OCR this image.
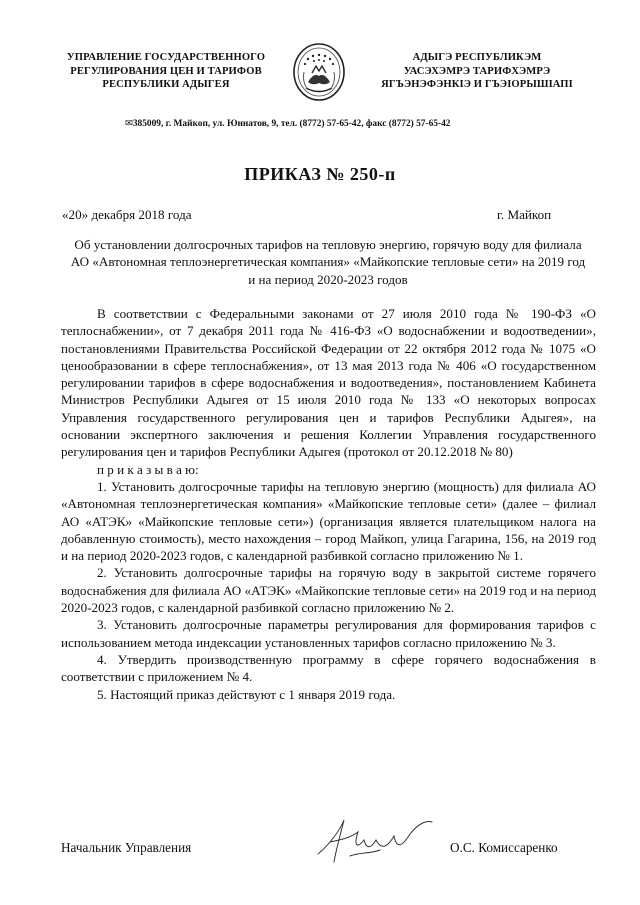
УПРАВЛЕНИЕ ГОСУДАРСТВЕННОГО
РЕГУЛИРОВАНИЯ ЦЕН И ТАРИФОВ
РЕСПУБЛИКИ АДЫГЕЯ
АДЫГЭ РЕСПУБЛИКЭМ
УАСЭХЭМРЭ ТАРИФХЭМРЭ
ЯГЪЭНЭФЭНКIЭ И ГЪЭIОРЫШIАПI
✉385009, г. Майкоп, ул. Юннатов, 9, тел. (8772) 57-65-42, факс (8772) 57-65-42
ПРИКАЗ № 250-п
«20» декабря 2018 года	г. Майкоп
Об установлении долгосрочных тарифов на тепловую энергию, горячую воду для филиала АО «Автономная теплоэнергетическая компания» «Майкопские тепловые сети» на 2019 год и на период 2020-2023 годов

В соответствии с Федеральными законами от 27 июля 2010 года № 190-ФЗ «О теплоснабжении», от 7 декабря 2011 года № 416-ФЗ «О водоснабжении и водоотведении», постановлениями Правительства Российской Федерации от 22 октября 2012 года № 1075 «О ценообразовании в сфере теплоснабжения», от 13 мая 2013 года № 406 «О государственном регулировании тарифов в сфере водоснабжения и водоотведения», постановлением Кабинета Министров Республики Адыгея от 15 июля 2010 года № 133 «О некоторых вопросах Управления государственного регулирования цен и тарифов Республики Адыгея», на основании экспертного заключения и решения Коллегии Управления государственного регулирования цен и тарифов Республики Адыгея (протокол от 20.12.2018 № 80)

п р и к а з ы в а ю:

1. Установить долгосрочные тарифы на тепловую энергию (мощность) для филиала АО «Автономная теплоэнергетическая компания» «Майкопские тепловые сети» (далее – филиал АО «АТЭК» «Майкопские тепловые сети») (организация является плательщиком налога на добавленную стоимость), место нахождения – город Майкоп, улица Гагарина, 156, на 2019 год и на период 2020-2023 годов, с календарной разбивкой согласно приложению № 1.

2. Установить долгосрочные тарифы на горячую воду в закрытой системе горячего водоснабжения для филиала АО «АТЭК» «Майкопские тепловые сети» на 2019 год и на период 2020-2023 годов, с календарной разбивкой согласно приложению № 2.

3. Установить долгосрочные параметры регулирования для формирования тарифов с использованием метода индексации установленных тарифов согласно приложению № 3.

4. Утвердить производственную программу в сфере горячего водоснабжения в соответствии с приложением № 4.

5. Настоящий приказ действуют с 1 января 2019 года.

Начальник Управления	О.С. Комиссаренко
